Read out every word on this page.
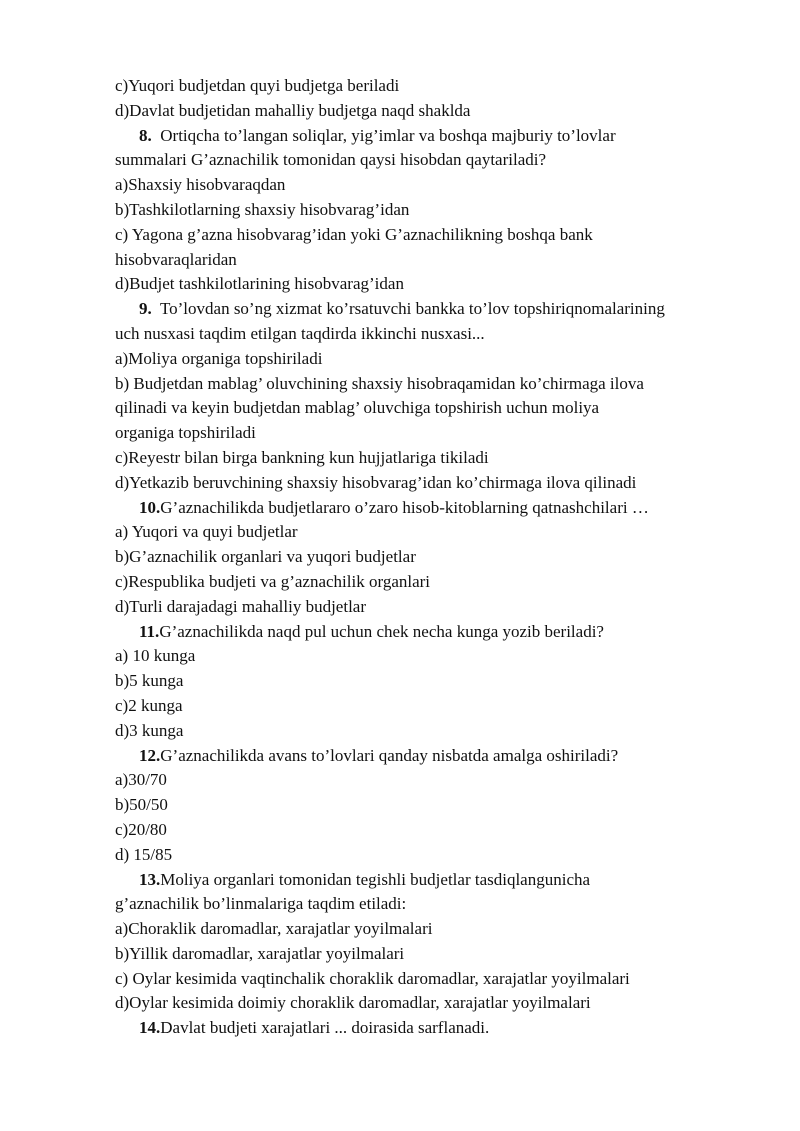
c)Yuqori budjetdan quyi budjetga beriladi
d)Davlat budjetidan mahalliy budjetga naqd shaklda
8.  Ortiqcha to’langan soliqlar, yig’imlar va boshqa majburiy to’lovlar
summalari G’aznachilik tomonidan qaysi hisobdan qaytariladi?
a)Shaxsiy hisobvaraqdan
b)Tashkilotlarning shaxsiy hisobvarag’idan
c) Yagona g’azna hisobvarag’idan yoki G’aznachilikning boshqa bank
hisobvaraqlaridan
d)Budjet tashkilotlarining hisobvarag’idan
9.  To’lovdan so’ng xizmat ko’rsatuvchi bankka to’lov topshiriqnomalarining
uch nusxasi taqdim etilgan taqdirda ikkinchi nusxasi...
a)Moliya organiga topshiriladi
b) Budjetdan mablag’ oluvchining shaxsiy hisobraqamidan ko’chirmaga ilova
qilinadi va keyin budjetdan mablag’ oluvchiga topshirish uchun moliya
organiga topshiriladi
c)Reyestr bilan birga bankning kun hujjatlariga tikiladi
d)Yetkazib beruvchining shaxsiy hisobvarag’idan ko’chirmaga ilova qilinadi
10.G’aznachilikda budjetlararo o’zaro hisob-kitoblarning qatnashchilari …
a) Yuqori va quyi budjetlar
b)G’aznachilik organlari va yuqori budjetlar
c)Respublika budjeti va g’aznachilik organlari
d)Turli darajadagi mahalliy budjetlar
11.G’aznachilikda naqd pul uchun chek necha kunga yozib beriladi?
a) 10 kunga
b)5 kunga
c)2 kunga
d)3 kunga
12.G’aznachilikda avans to’lovlari qanday nisbatda amalga oshiriladi?
a)30/70
b)50/50
c)20/80
d) 15/85
13.Moliya organlari tomonidan tegishli budjetlar tasdiqlangunicha
g’aznachilik bo’linmalariga taqdim etiladi:
a)Choraklik daromadlar, xarajatlar yoyilmalari
b)Yillik daromadlar, xarajatlar yoyilmalari
c) Oylar kesimida vaqtinchalik choraklik daromadlar, xarajatlar yoyilmalari
d)Oylar kesimida doimiy choraklik daromadlar, xarajatlar yoyilmalari
14.Davlat budjeti xarajatlari ... doirasida sarflanadi.
